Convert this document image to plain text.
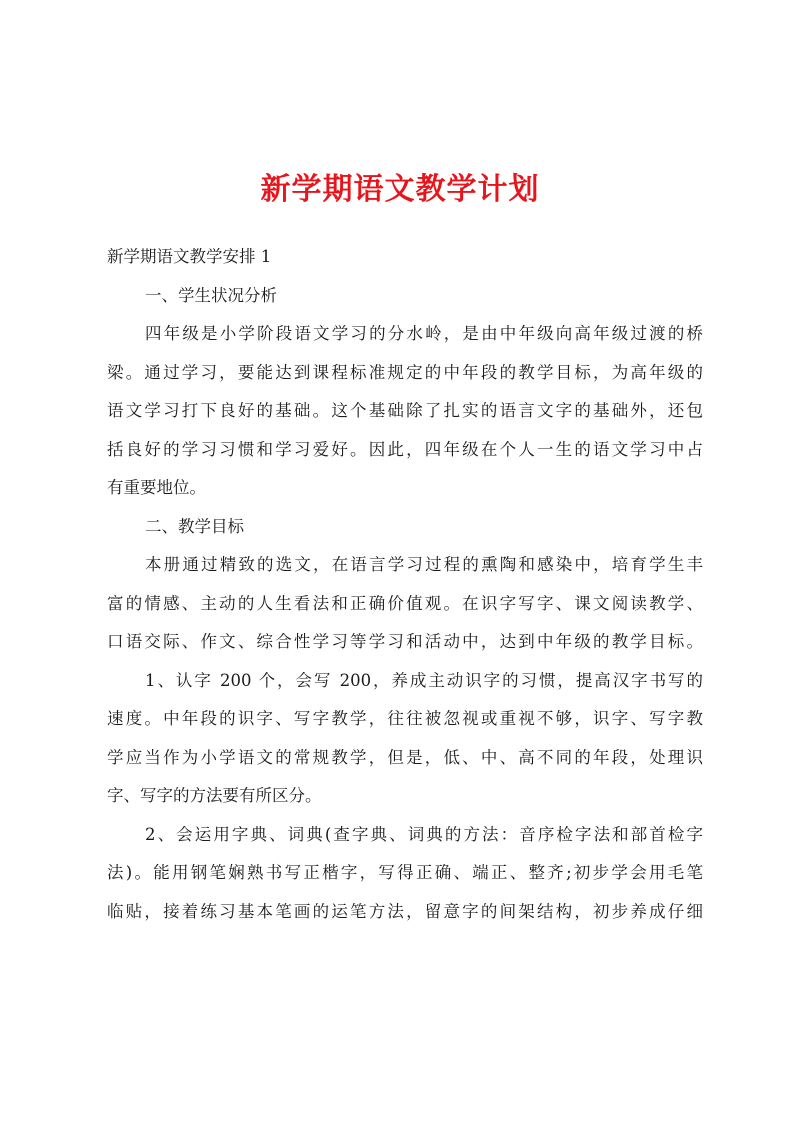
新学期语文教学计划
新学期语文教学安排 1
一、学生状况分析
四年级是小学阶段语文学习的分水岭，是由中年级向高年级过渡的桥
梁。通过学习，要能达到课程标准规定的中年段的教学目标，为高年级的
语文学习打下良好的基础。这个基础除了扎实的语言文字的基础外，还包
括良好的学习习惯和学习爱好。因此，四年级在个人一生的语文学习中占
有重要地位。
二、教学目标
本册通过精致的选文，在语言学习过程的熏陶和感染中，培育学生丰
富的情感、主动的人生看法和正确价值观。在识字写字、课文阅读教学、
口语交际、作文、综合性学习等学习和活动中，达到中年级的教学目标。
1、认字 200 个，会写 200，养成主动识字的习惯，提高汉字书写的
速度。中年段的识字、写字教学，往往被忽视或重视不够，识字、写字教
学应当作为小学语文的常规教学，但是，低、中、高不同的年段，处理识
字、写字的方法要有所区分。
2、会运用字典、词典(查字典、词典的方法：音序检字法和部首检字
法)。能用钢笔娴熟书写正楷字，写得正确、端正、整齐;初步学会用毛笔
临贴，接着练习基本笔画的运笔方法，留意字的间架结构，初步养成仔细
